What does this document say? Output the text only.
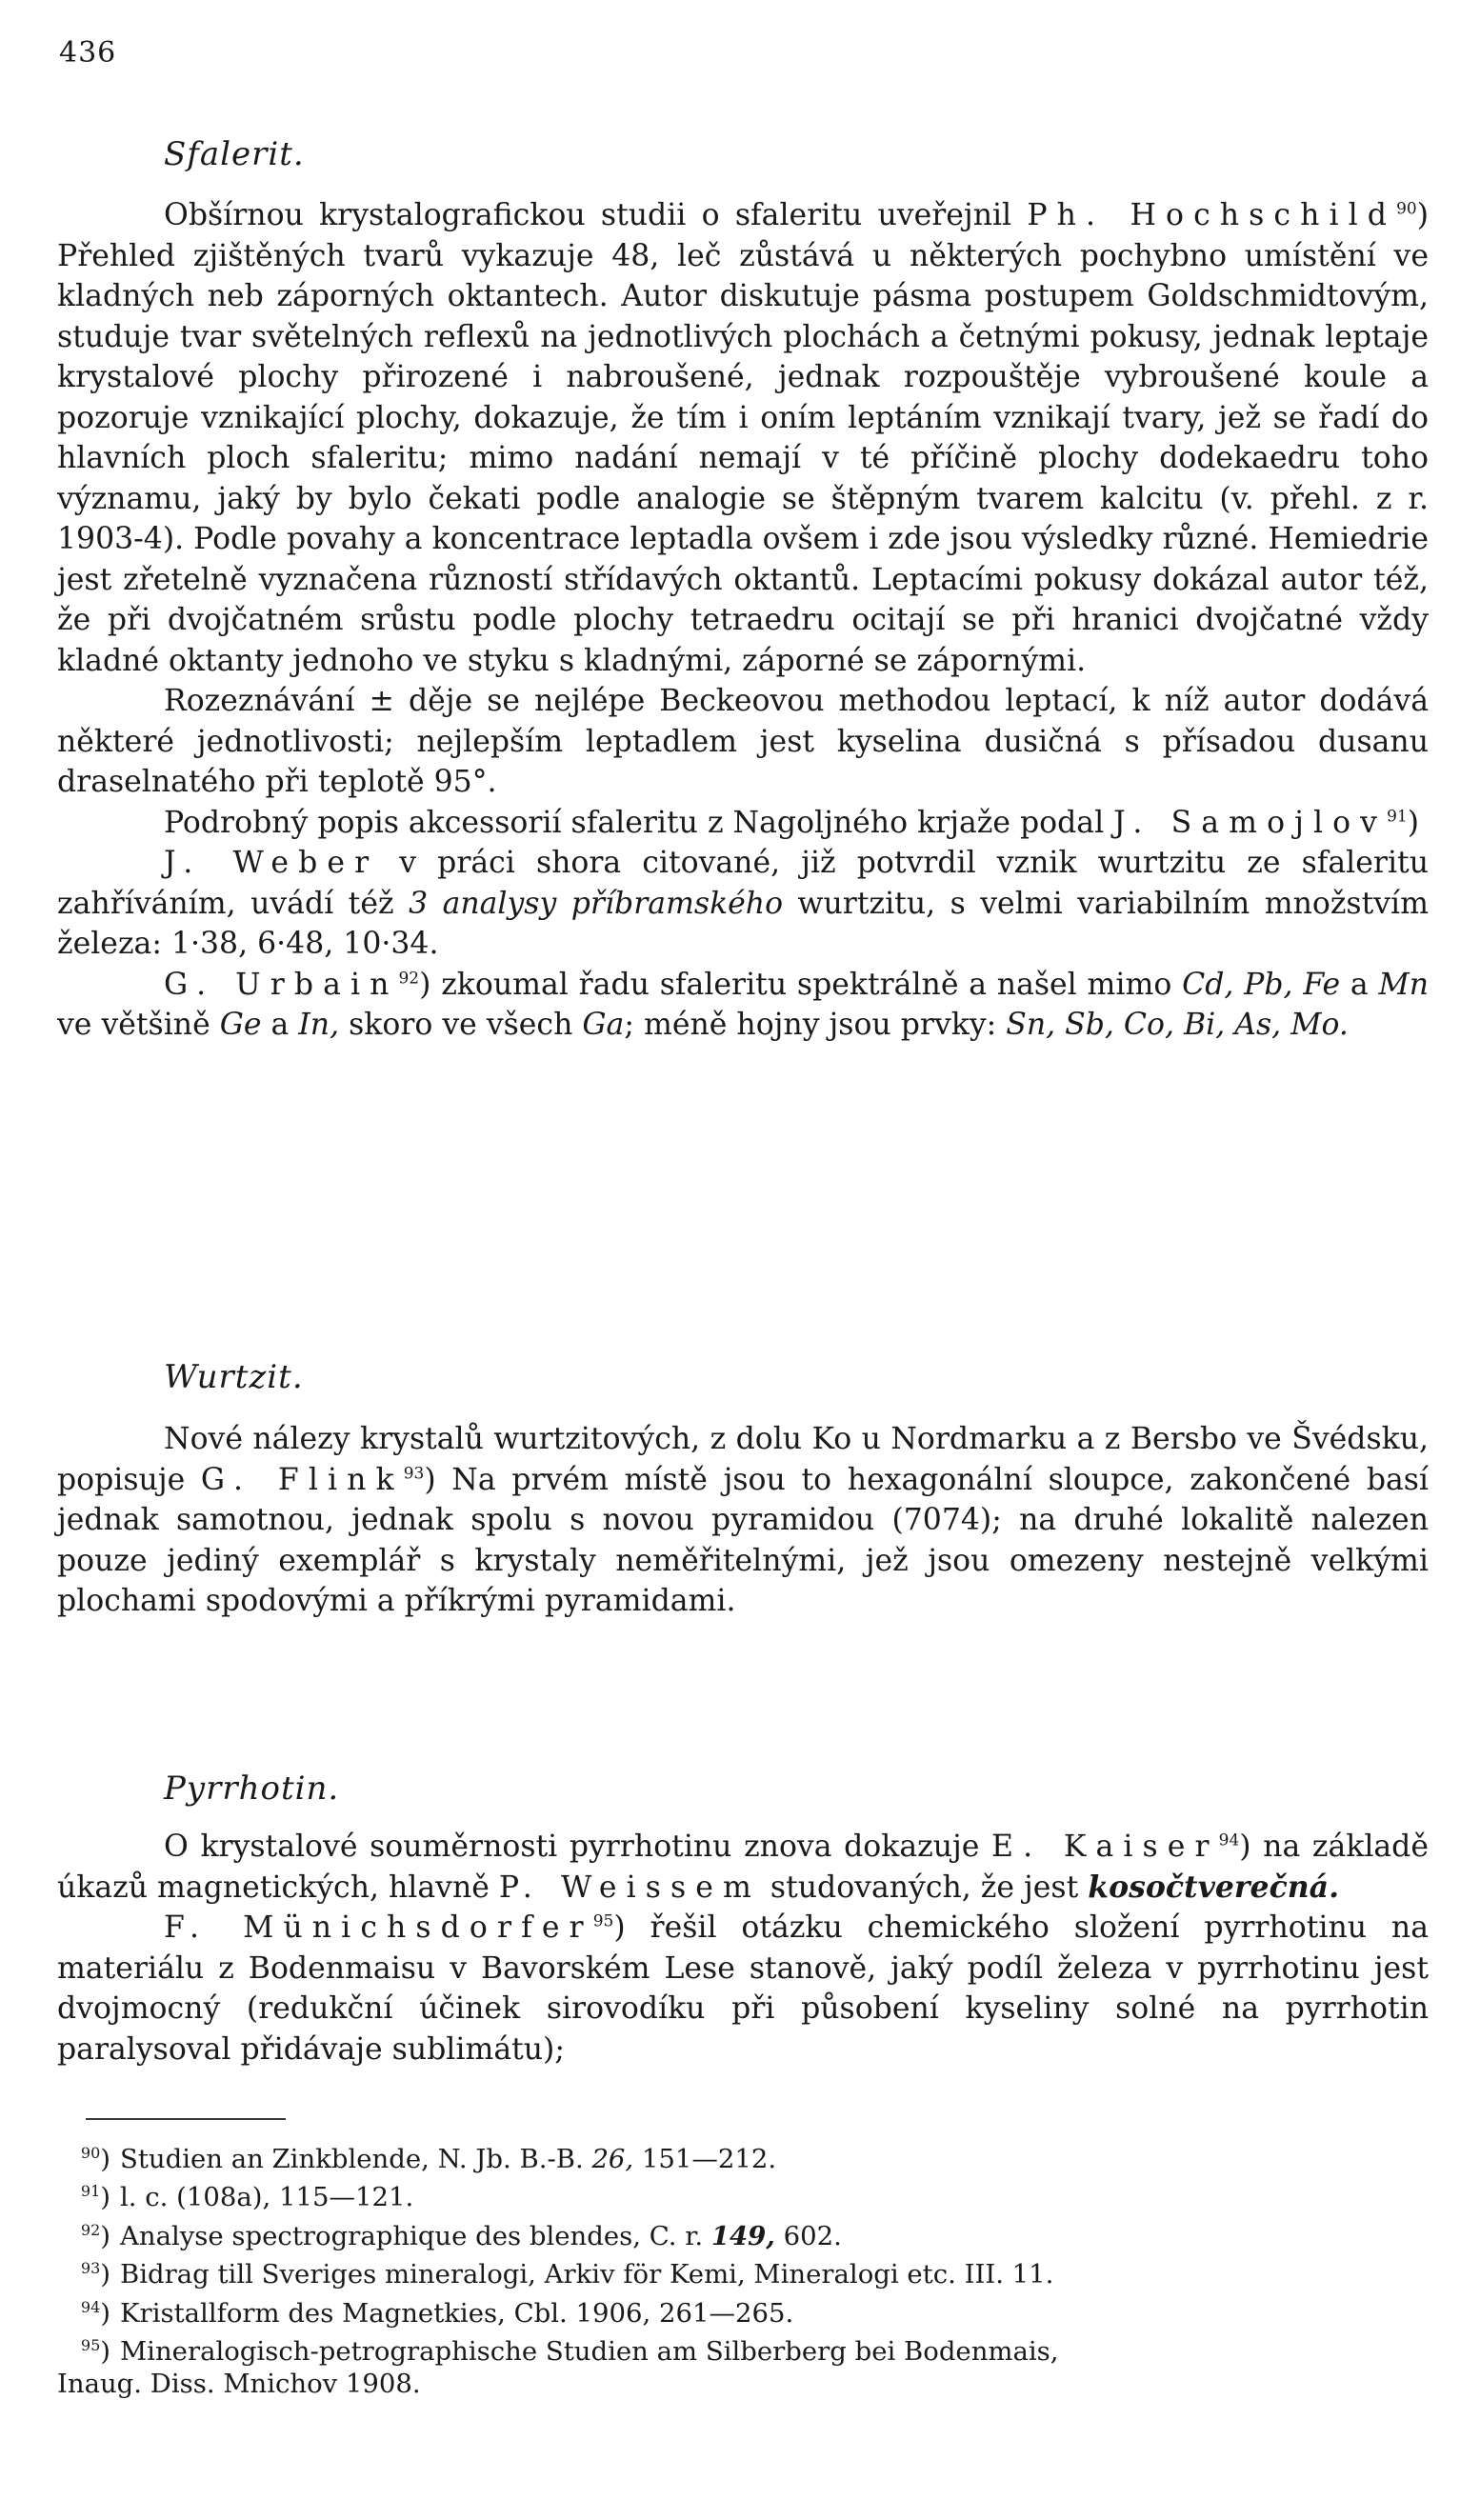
436
Sfalerit.

Obšírnou krystalografickou studii o sfaleritu uveřejnil Ph. Hochschild$^{90}$) Přehled zjištěných tvarů vykazuje 48, leč zůstává u některých pochybno umístění ve kladných neb záporných oktantech. Autor diskutuje pásma postupem Goldschmidtovým, studuje tvar světelných reflexů na jednotlivých plochách a četnými pokusy, jednak leptaje krystalové plochy přirozené i nabroušené, jednak rozpouštěje vybroušené koule a pozoruje vznikající plochy, dokazuje, že tím i oním leptáním vznikají tvary, jež se řadí do hlavních ploch sfaleritu; mimo nadání nemají v té příčině plochy dodekaedru toho významu, jaký by bylo čekati podle analogie se štěpným tvarem kalcitu (v. přehl. z r. 1903-4). Podle povahy a koncentrace leptadla ovšem i zde jsou výsledky různé. Hemiedrie jest zřetelně vyznačena růzností střídavých oktantů. Leptacími pokusy dokázal autor též, že při dvojčatném srůstu podle plochy tetraedru ocitají se při hranici dvojčatné vždy kladné oktanty jednoho ve styku s kladnými, záporné se zápornými.

Rozeznávání ± děje se nejlépe Beckeovou methodou leptací, k níž autor dodává některé jednotlivosti; nejlepším leptadlem jest kyselina dusičná s přísadou dusanu draselnatého při teplotě 95°.

Podrobný popis akcessorií sfaleritu z Nagoljného krjaže podal J. Samojlov$^{91}$)

J. Weber v práci shora citované, již potvrdil vznik wurtzitu ze sfaleritu zahříváním, uvádí též 3 analysy příbramského wurtzitu, s velmi variabilním množstvím železa: 1·38, 6·48, 10·34.

G. Urbain$^{92}$) zkoumal řadu sfaleritu spektrálně a našel mimo Cd, Pb, Fe a Mn ve většině Ge a In, skoro ve všech Ga; méně hojny jsou prvky: Sn, Sb, Co, Bi, As, Mo.

Wurtzit.

Nové nálezy krystalů wurtzitových, z dolu Ko u Nordmarku a z Bersbo ve Švédsku, popisuje G. Flink$^{93}$) Na prvém místě jsou to hexagonální sloupce, zakončené basí jednak samotnou, jednak spolu s novou pyramidou (7074); na druhé lokalitě nalezen pouze jediný exemplář s krystaly neměřitelnými, jež jsou omezeny nestejně velkými plochami spodovými a příkrými pyramidami.

Pyrrhotin.

O krystalové souměrnosti pyrrhotinu znova dokazuje E. Kaiser$^{94}$) na základě úkazů magnetických, hlavně P. Weissem studovaných, že jest kosočtverečná.

F. Münichsdorfer$^{95}$) řešil otázku chemického složení pyrrhotinu na materiálu z Bodenmaisu v Bavorském Lese stanově, jaký podíl železa v pyrrhotinu jest dvojmocný (redukční účinek sirovodíku při působení kyseliny solné na pyrrhotin paralysoval přidávaje sublimátu);

$^{90}$) Studien an Zinkblende, N. Jb. B.-B. 26, 151—212.
$^{91}$) l. c. (108a), 115—121.
$^{92}$) Analyse spectrographique des blendes, C. r. 149, 602.
$^{93}$) Bidrag till Sveriges mineralogi, Arkiv för Kemi, Mineralogi etc. III. 11.
$^{94}$) Kristallform des Magnetkies, Cbl. 1906, 261—265.
$^{95}$) Mineralogisch-petrographische Studien am Silberberg bei Bodenmais,
Inaug. Diss. Mnichov 1908.
